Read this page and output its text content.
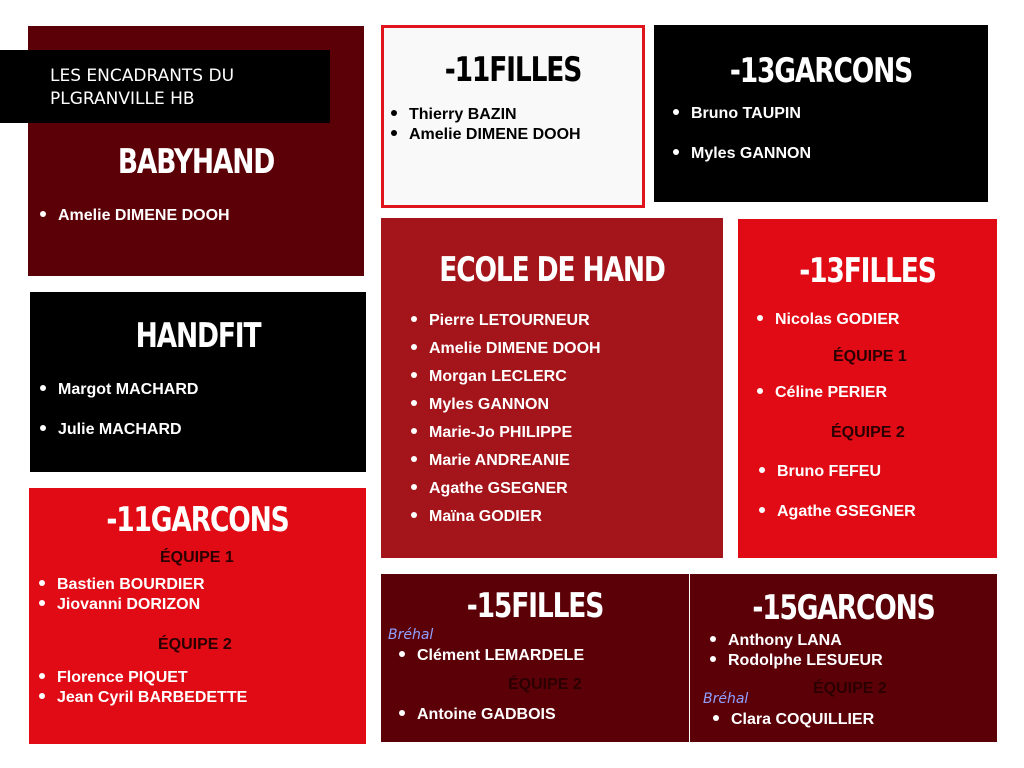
BABYHAND
Amelie DIMENE DOOH
LES ENCADRANTS DU
PLGRANVILLE HB
HANDFIT
Margot MACHARD
Julie MACHARD
-11GARCONS
ÉQUIPE 1
Bastien BOURDIER
Jiovanni DORIZON
ÉQUIPE 2
Florence PIQUET
Jean Cyril BARBEDETTE
-11FILLES
Thierry BAZIN
Amelie DIMENE DOOH
-13GARCONS
Bruno TAUPIN
Myles GANNON
ECOLE DE HAND
Pierre LETOURNEUR
Amelie DIMENE DOOH
Morgan LECLERC
Myles GANNON
Marie-Jo PHILIPPE
Marie ANDREANIE
Agathe GSEGNER
Maïna GODIER
-13FILLES
Nicolas GODIER
ÉQUIPE 1
Céline PERIER
ÉQUIPE 2
Bruno FEFEU
Agathe GSEGNER
-15FILLES
Bréhal
Clément LEMARDELE
ÉQUIPE 2
Antoine GADBOIS
-15GARCONS
Anthony LANA
Rodolphe LESUEUR
ÉQUIPE 2
Bréhal
Clara COQUILLIER
